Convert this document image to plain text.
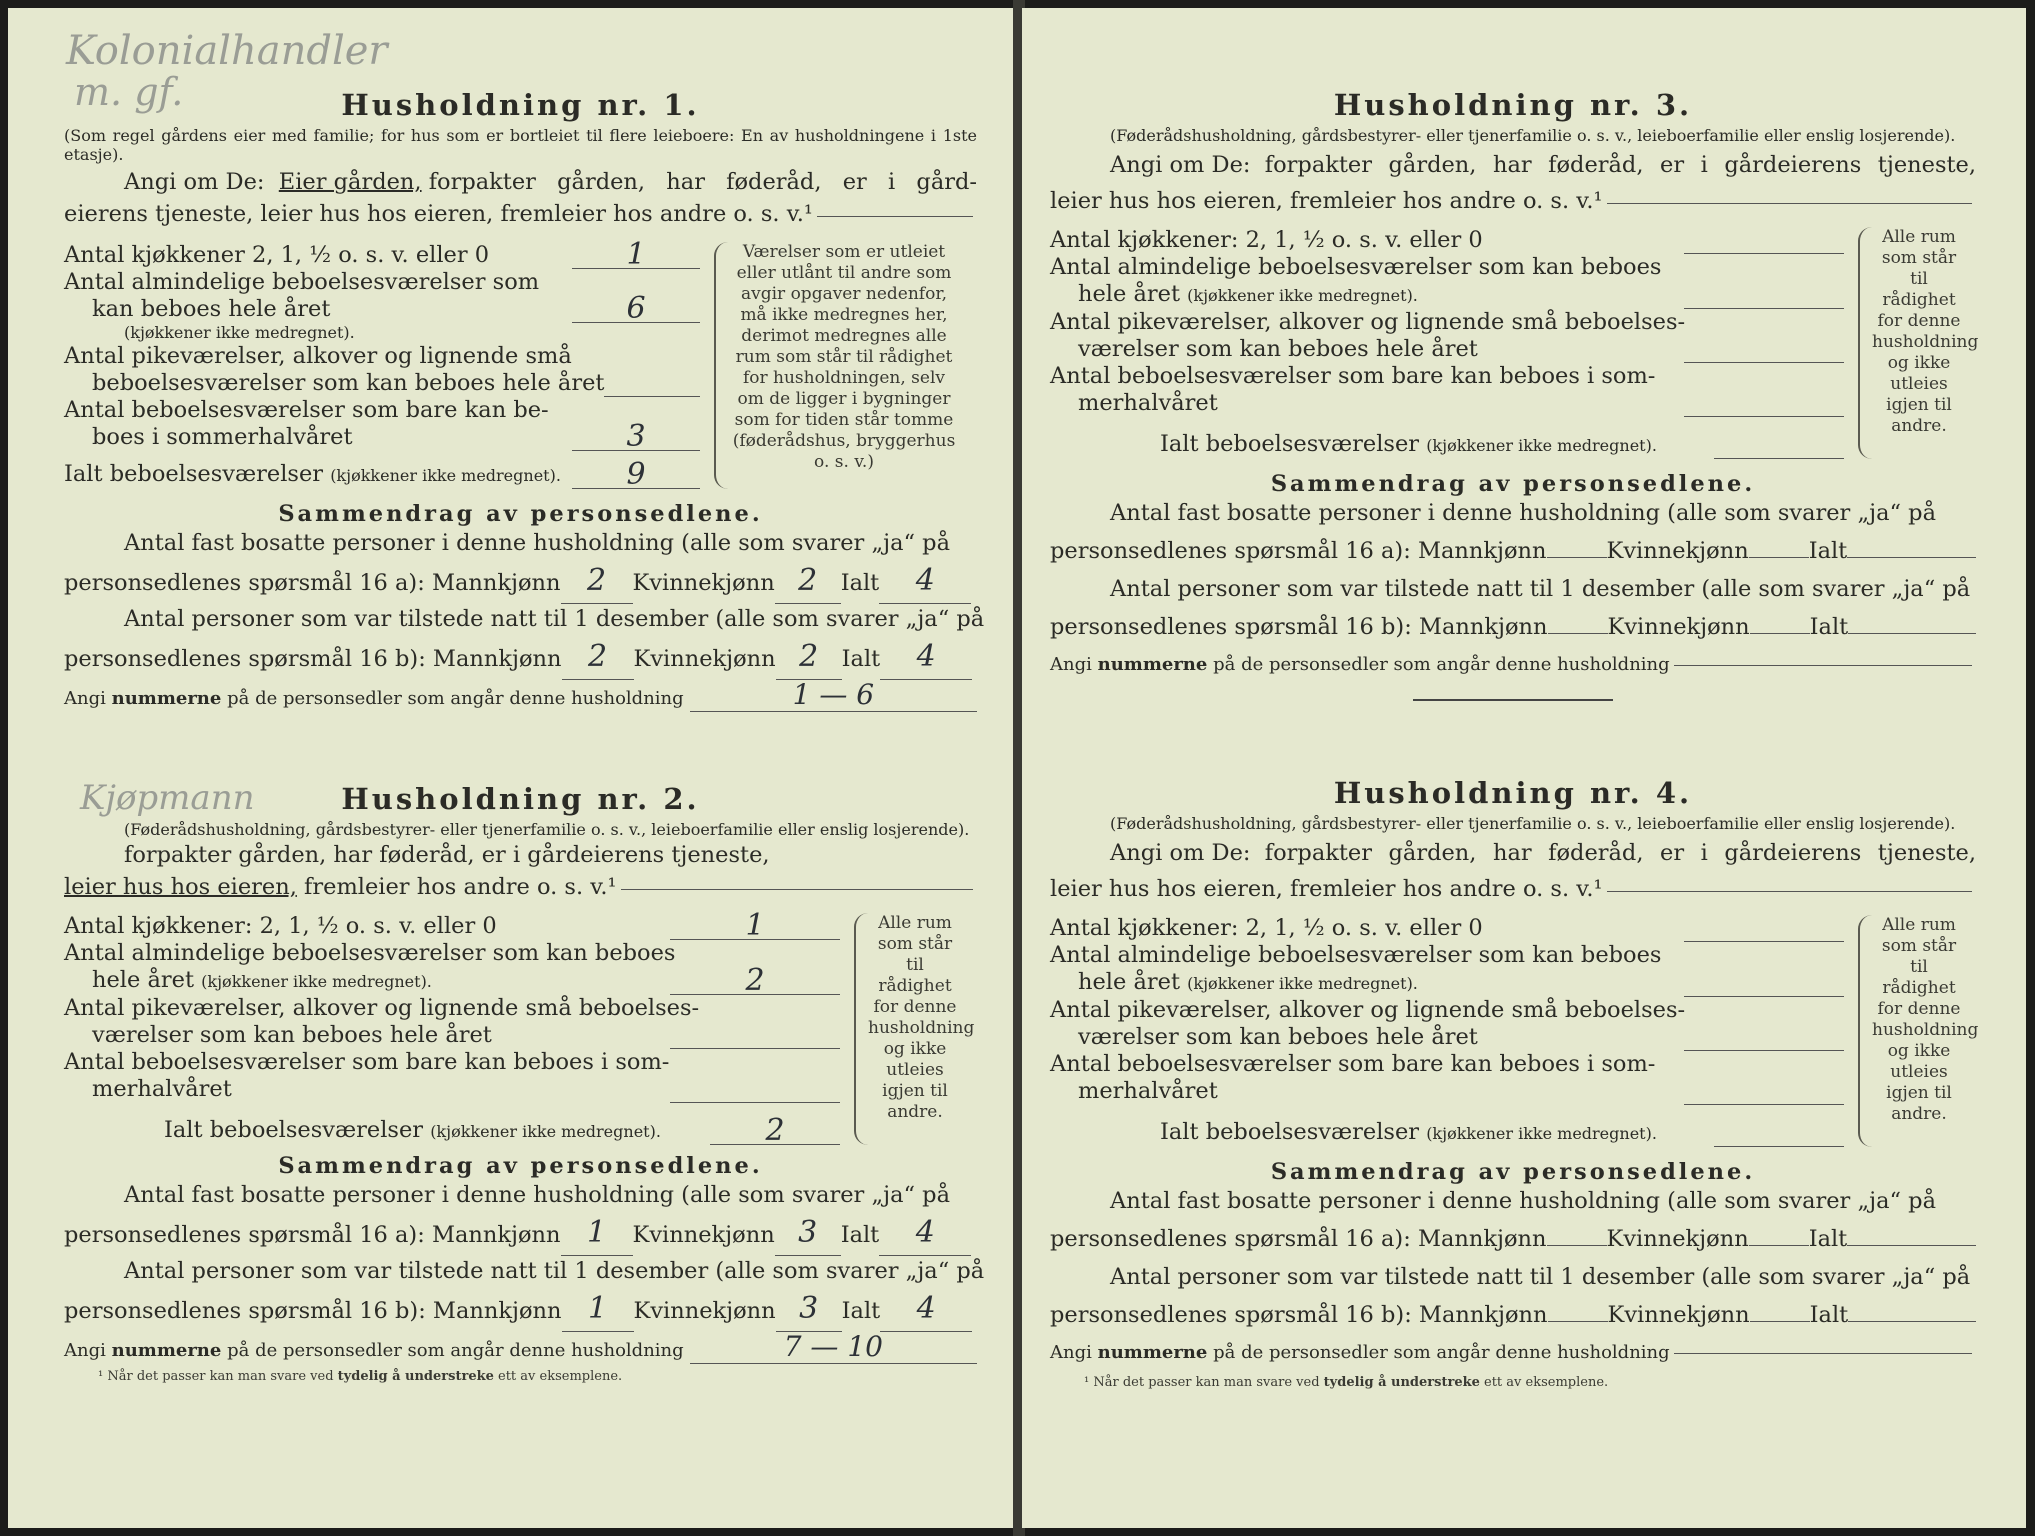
Kolonialhandler
m. gf.	Husholdning nr. 1.
(Som regel gårdens eier med familie; for hus som er bortleiet til flere leieboere: En av husholdningene i 1ste etasje).
Angi om De:
Eier gården,
forpakter gården, har føderåd, er i gård-
eierens tjeneste, leier hus hos eieren, fremleier hos andre o. s. v.¹
Antal kjøkkener 2, 1, ½ o. s. v. eller 0	1
Antal almindelige beboelsesværelser som
kan beboes hele året	6
(kjøkkener ikke medregnet).
Antal pikeværelser, alkover og lignende små
beboelsesværelser som kan beboes hele året
Antal beboelsesværelser som bare kan be-
boes i sommerhalvåret	3
Ialt beboelsesværelser (kjøkkener ikke medregnet).	9
Værelser som er utleiet eller utlånt til andre som avgir opgaver nedenfor, må ikke medregnes her, derimot medregnes alle rum som står til rådighet for husholdningen, selv om de ligger i bygninger som for tiden står tomme (føderådshus, bryggerhus o. s. v.)
Sammendrag av personsedlene.
Antal fast bosatte personer i denne husholdning (alle som svarer „ja“ på
personsedlenes spørsmål 16 a): Mannkjønn 2	Kvinnekjønn 2	Ialt	4
Antal personer som var tilstede natt til 1 desember (alle som svarer „ja“ på
personsedlenes spørsmål 16 b): Mannkjønn 2	Kvinnekjønn 2	Ialt	4
Angi
nummerne
på de personsedler som angår denne husholdning	1 — 6
Kjøpmann	Husholdning nr. 2.
(Føderådshusholdning, gårdsbestyrer- eller tjenerfamilie o. s. v., leieboerfamilie eller enslig losjerende).
forpakter gården, har føderåd, er i gårdeierens tjeneste,
leier hus hos eieren,
fremleier hos andre o. s. v.¹
Antal kjøkkener: 2, 1, ½ o. s. v. eller 0	1
Antal almindelige beboelsesværelser som kan beboes
hele året (kjøkkener ikke medregnet).	2
Antal pikeværelser, alkover og lignende små beboelses-
værelser som kan beboes hele året
Antal beboelsesværelser som bare kan beboes i som-
merhalvåret
Ialt beboelsesværelser (kjøkkener ikke medregnet).	2
Alle rum som står til rådighet for denne husholdning og ikke utleies igjen til andre.
Sammendrag av personsedlene.
Antal fast bosatte personer i denne husholdning (alle som svarer „ja“ på
personsedlenes spørsmål 16 a): Mannkjønn 1	Kvinnekjønn 3	Ialt	4
Antal personer som var tilstede natt til 1 desember (alle som svarer „ja“ på
personsedlenes spørsmål 16 b): Mannkjønn 1	Kvinnekjønn 3	Ialt	4
Angi
nummerne
på de personsedler som angår denne husholdning	7 — 10
¹ Når det passer kan man svare ved tydelig å understreke ett av eksemplene.
Husholdning nr. 3.
(Føderådshusholdning, gårdsbestyrer- eller tjenerfamilie o. s. v., leieboerfamilie eller enslig losjerende).
Angi om De:
forpakter gården, har føderåd, er i gårdeierens tjeneste,
leier hus hos eieren, fremleier hos andre o. s. v.¹
Antal kjøkkener: 2, 1, ½ o. s. v. eller 0
Antal almindelige beboelsesværelser som kan beboes
hele året (kjøkkener ikke medregnet).
Antal pikeværelser, alkover og lignende små beboelses-
værelser som kan beboes hele året
Antal beboelsesværelser som bare kan beboes i som-
merhalvåret
Ialt beboelsesværelser (kjøkkener ikke medregnet).
Alle rum som står til rådighet for denne husholdning og ikke utleies igjen til andre.
Sammendrag av personsedlene.
Antal fast bosatte personer i denne husholdning (alle som svarer „ja“ på
personsedlenes spørsmål 16 a): Mannkjønn	Kvinnekjønn	Ialt
Antal personer som var tilstede natt til 1 desember (alle som svarer „ja“ på
personsedlenes spørsmål 16 b): Mannkjønn	Kvinnekjønn	Ialt
Angi
nummerne
på de personsedler som angår denne husholdning
Husholdning nr. 4.
(Føderådshusholdning, gårdsbestyrer- eller tjenerfamilie o. s. v., leieboerfamilie eller enslig losjerende).
Angi om De:
forpakter gården, har føderåd, er i gårdeierens tjeneste,
leier hus hos eieren, fremleier hos andre o. s. v.¹
Antal kjøkkener: 2, 1, ½ o. s. v. eller 0
Antal almindelige beboelsesværelser som kan beboes
hele året (kjøkkener ikke medregnet).
Antal pikeværelser, alkover og lignende små beboelses-
værelser som kan beboes hele året
Antal beboelsesværelser som bare kan beboes i som-
merhalvåret
Ialt beboelsesværelser (kjøkkener ikke medregnet).
Alle rum som står til rådighet for denne husholdning og ikke utleies igjen til andre.
Sammendrag av personsedlene.
Antal fast bosatte personer i denne husholdning (alle som svarer „ja“ på
personsedlenes spørsmål 16 a): Mannkjønn	Kvinnekjønn	Ialt
Antal personer som var tilstede natt til 1 desember (alle som svarer „ja“ på
personsedlenes spørsmål 16 b): Mannkjønn	Kvinnekjønn	Ialt
Angi
nummerne
på de personsedler som angår denne husholdning
¹ Når det passer kan man svare ved tydelig å understreke ett av eksemplene.
